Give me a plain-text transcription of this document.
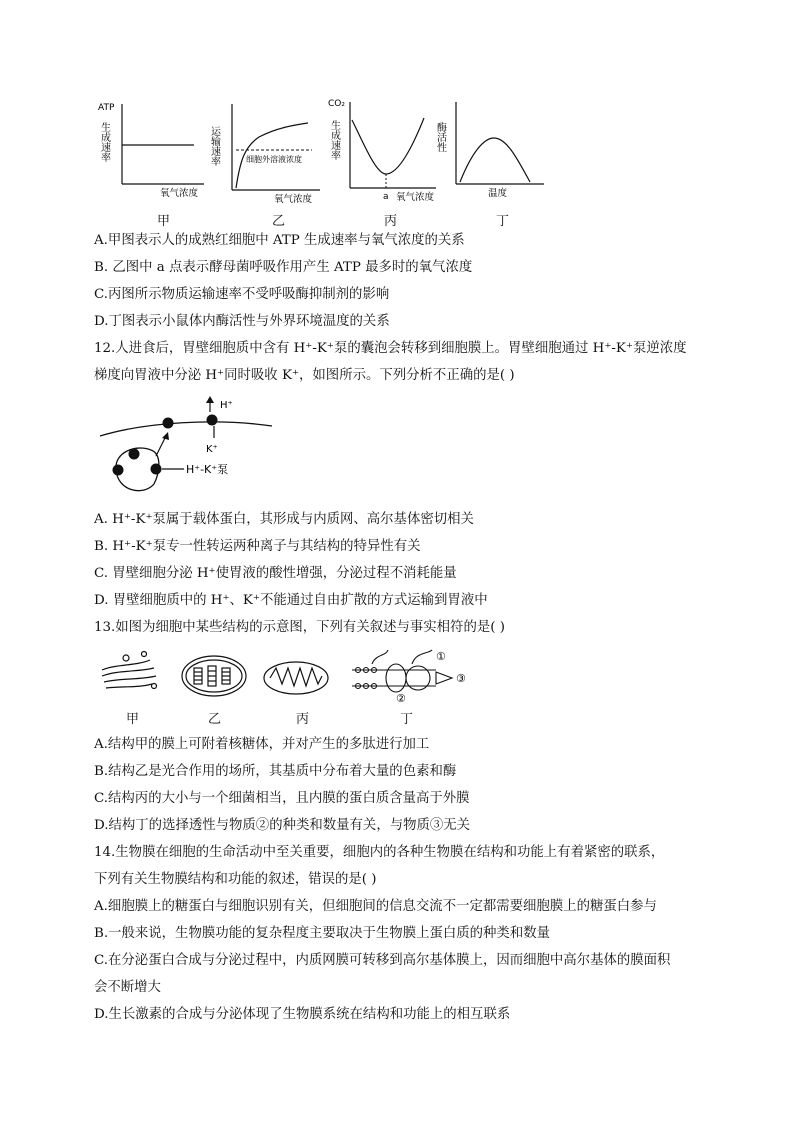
ATP
生成速率
氧气浓度
运输速率	细胞外溶液浓度
氧气浓度
CO₂
生成速率
a 氧气浓度
酶活性
温度
甲	乙	丙	丁
A.甲图表示人的成熟红细胞中 ATP 生成速率与氧气浓度的关系
B. 乙图中 a 点表示酵母菌呼吸作用产生 ATP 最多时的氧气浓度
C.丙图所示物质运输速率不受呼吸酶抑制剂的影响
D.丁图表示小鼠体内酶活性与外界环境温度的关系
12.人进食后，胃壁细胞质中含有 H⁺-K⁺泵的囊泡会转移到细胞膜上。胃壁细胞通过 H⁺-K⁺泵逆浓度
梯度向胃液中分泌 H⁺同时吸收 K⁺，如图所示。下列分析不正确的是( )
H⁺
K⁺
H⁺-K⁺泵
A. H⁺-K⁺泵属于载体蛋白，其形成与内质网、高尔基体密切相关
B. H⁺-K⁺泵专一性转运两种离子与其结构的特异性有关
C. 胃壁细胞分泌 H⁺使胃液的酸性增强，分泌过程不消耗能量
D. 胃壁细胞质中的 H⁺、K⁺不能通过自由扩散的方式运输到胃液中
13.如图为细胞中某些结构的示意图，下列有关叙述与事实相符的是( )
①
②
③
甲	乙	丙	丁
A.结构甲的膜上可附着核糖体，并对产生的多肽进行加工
B.结构乙是光合作用的场所，其基质中分布着大量的色素和酶
C.结构丙的大小与一个细菌相当，且内膜的蛋白质含量高于外膜
D.结构丁的选择透性与物质②的种类和数量有关，与物质③无关
14.生物膜在细胞的生命活动中至关重要，细胞内的各种生物膜在结构和功能上有着紧密的联系，
下列有关生物膜结构和功能的叙述，错误的是( )
A.细胞膜上的糖蛋白与细胞识别有关，但细胞间的信息交流不一定都需要细胞膜上的糖蛋白参与
B.一般来说，生物膜功能的复杂程度主要取决于生物膜上蛋白质的种类和数量
C.在分泌蛋白合成与分泌过程中，内质网膜可转移到高尔基体膜上，因而细胞中高尔基体的膜面积
会不断增大
D.生长激素的合成与分泌体现了生物膜系统在结构和功能上的相互联系
